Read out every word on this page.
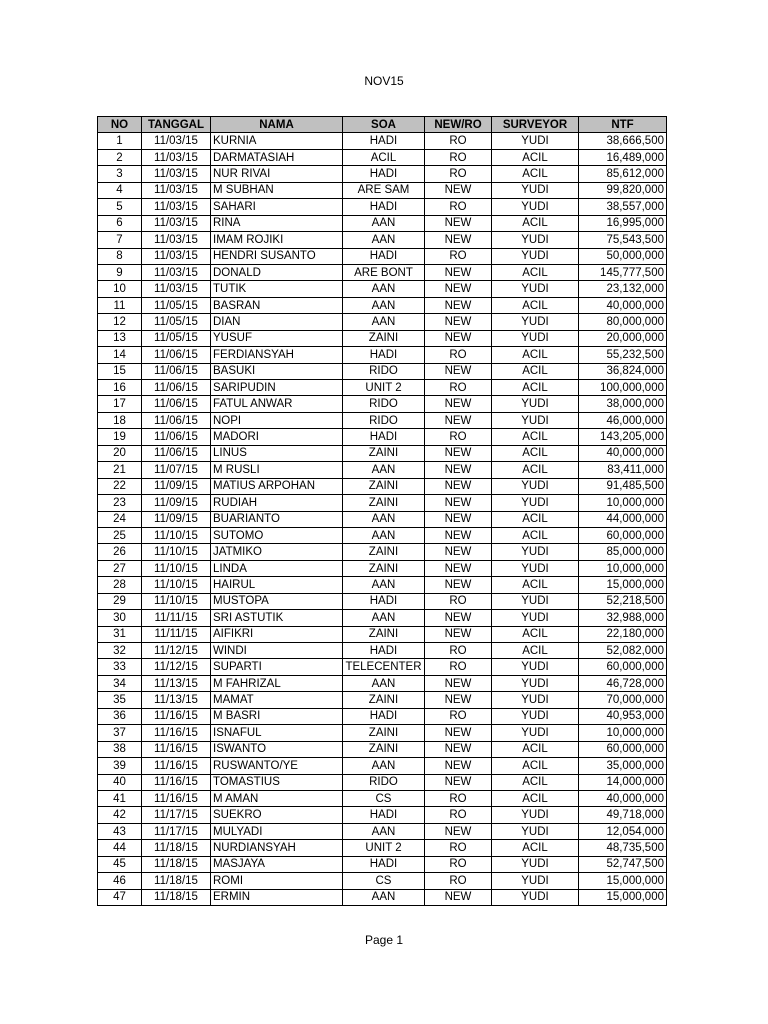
NOV15
NO	TANGGAL	NAMA	SOA	NEW/RO	SURVEYOR	NTF
1	11/03/15	KURNIA	HADI	RO	YUDI	38,666,500
2	11/03/15	DARMATASIAH	ACIL	RO	ACIL	16,489,000
3	11/03/15	NUR RIVAI	HADI	RO	ACIL	85,612,000
4	11/03/15	M SUBHAN	ARE SAM	NEW	YUDI	99,820,000
5	11/03/15	SAHARI	HADI	RO	YUDI	38,557,000
6	11/03/15	RINA	AAN	NEW	ACIL	16,995,000
7	11/03/15	IMAM ROJIKI	AAN	NEW	YUDI	75,543,500
8	11/03/15	HENDRI SUSANTO	HADI	RO	YUDI	50,000,000
9	11/03/15	DONALD	ARE BONT	NEW	ACIL	145,777,500
10	11/03/15	TUTIK	AAN	NEW	YUDI	23,132,000
11	11/05/15	BASRAN	AAN	NEW	ACIL	40,000,000
12	11/05/15	DIAN	AAN	NEW	YUDI	80,000,000
13	11/05/15	YUSUF	ZAINI	NEW	YUDI	20,000,000
14	11/06/15	FERDIANSYAH	HADI	RO	ACIL	55,232,500
15	11/06/15	BASUKI	RIDO	NEW	ACIL	36,824,000
16	11/06/15	SARIPUDIN	UNIT 2	RO	ACIL	100,000,000
17	11/06/15	FATUL ANWAR	RIDO	NEW	YUDI	38,000,000
18	11/06/15	NOPI	RIDO	NEW	YUDI	46,000,000
19	11/06/15	MADORI	HADI	RO	ACIL	143,205,000
20	11/06/15	LINUS	ZAINI	NEW	ACIL	40,000,000
21	11/07/15	M RUSLI	AAN	NEW	ACIL	83,411,000
22	11/09/15	MATIUS ARPOHAN	ZAINI	NEW	YUDI	91,485,500
23	11/09/15	RUDIAH	ZAINI	NEW	YUDI	10,000,000
24	11/09/15	BUARIANTO	AAN	NEW	ACIL	44,000,000
25	11/10/15	SUTOMO	AAN	NEW	ACIL	60,000,000
26	11/10/15	JATMIKO	ZAINI	NEW	YUDI	85,000,000
27	11/10/15	LINDA	ZAINI	NEW	YUDI	10,000,000
28	11/10/15	HAIRUL	AAN	NEW	ACIL	15,000,000
29	11/10/15	MUSTOPA	HADI	RO	YUDI	52,218,500
30	11/11/15	SRI ASTUTIK	AAN	NEW	YUDI	32,988,000
31	11/11/15	AIFIKRI	ZAINI	NEW	ACIL	22,180,000
32	11/12/15	WINDI	HADI	RO	ACIL	52,082,000
33	11/12/15	SUPARTI	TELECENTER	RO	YUDI	60,000,000
34	11/13/15	M FAHRIZAL	AAN	NEW	YUDI	46,728,000
35	11/13/15	MAMAT	ZAINI	NEW	YUDI	70,000,000
36	11/16/15	M BASRI	HADI	RO	YUDI	40,953,000
37	11/16/15	ISNAFUL	ZAINI	NEW	YUDI	10,000,000
38	11/16/15	ISWANTO	ZAINI	NEW	ACIL	60,000,000
39	11/16/15	RUSWANTO/YE	AAN	NEW	ACIL	35,000,000
40	11/16/15	TOMASTIUS	RIDO	NEW	ACIL	14,000,000
41	11/16/15	M AMAN	CS	RO	ACIL	40,000,000
42	11/17/15	SUEKRO	HADI	RO	YUDI	49,718,000
43	11/17/15	MULYADI	AAN	NEW	YUDI	12,054,000
44	11/18/15	NURDIANSYAH	UNIT 2	RO	ACIL	48,735,500
45	11/18/15	MASJAYA	HADI	RO	YUDI	52,747,500
46	11/18/15	ROMI	CS	RO	YUDI	15,000,000
47	11/18/15	ERMIN	AAN	NEW	YUDI	15,000,000
Page 1
